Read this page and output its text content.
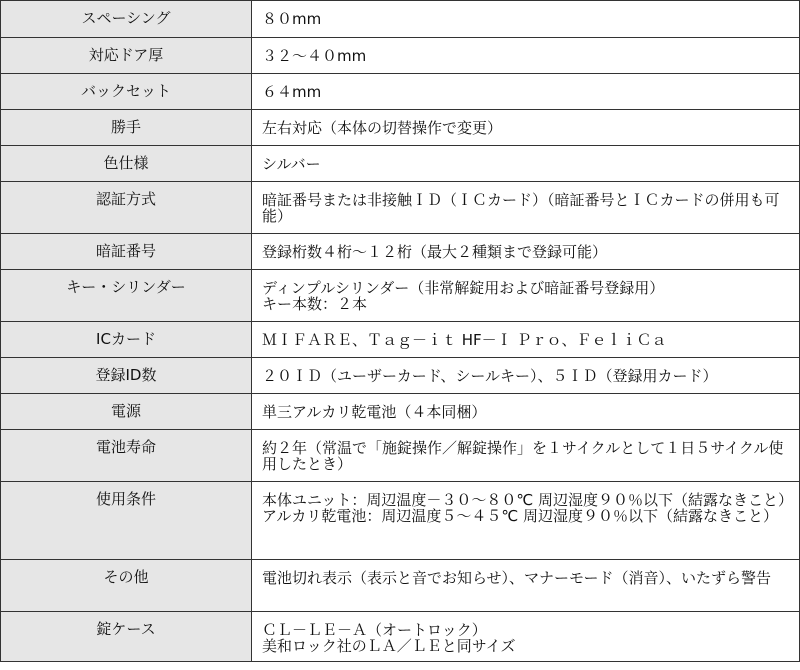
スペーシング	８０mm

対応ドア厚	３２〜４０mm

バックセット	６４mm

勝手	左右対応（本体の切替操作で変更）

色仕様	シルバー

認証方式	暗証番号または非接触ＩＤ（ＩＣカード）（暗証番号とＩＣカードの併用も可能）

暗証番号	登録桁数４桁〜１２桁（最大２種類まで登録可能）

キー・シリンダー	ディンプルシリンダー（非常解錠用および暗証番号登録用）
キー本数：２本

ICカード	ＭＩＦＡＲＥ、Ｔａｇ－ｉｔ HF－Ｉ Ｐｒｏ、ＦｅｌｉＣａ

登録ID数	２０ＩＤ（ユーザーカード、シールキー）、５ＩＤ（登録用カード）

電源	単三アルカリ乾電池（４本同梱）

電池寿命	約２年（常温で「施錠操作／解錠操作」を１サイクルとして１日５サイクル使用したとき）

使用条件	本体ユニット：周辺温度－３０～８０℃ 周辺湿度９０％以下（結露なきこと）
アルカリ乾電池：周辺温度５～４５℃ 周辺湿度９０％以下（結露なきこと）

その他	電池切れ表示（表示と音でお知らせ）、マナーモード（消音）、いたずら警告

錠ケース	ＣＬ－ＬＥ－Ａ（オートロック）
美和ロック社のＬＡ／ＬＥと同サイズ
